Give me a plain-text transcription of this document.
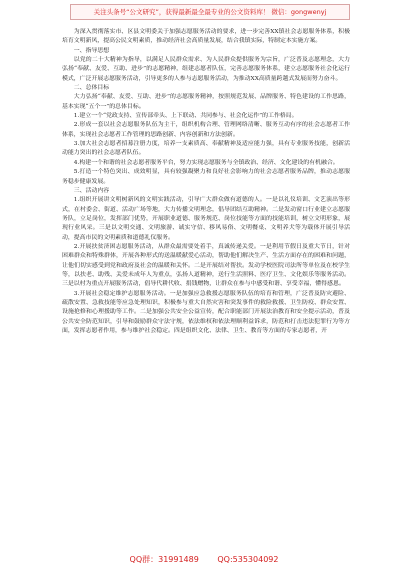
关注头条号“公文研究”，获得最新最全最专业的公文资料库！ 微信：gongwenyj

为深入贯彻落实市、区县文明委关于加强志愿服务活动的要求，进一步完善XX镇社会志愿服务体系，积极培育文明新风，提高公民文明素质，推动经济社会高质量发展，结合我镇实际，特制定本实施方案。

一、指导思想

以党的二十大精神为指导，以满足人民群众需求、为人民群众提供服务为宗旨，广泛普及志愿理念，大力弘扬“奉献、友爱、互助、进步”的志愿精神，组建志愿者队伍，完善志愿服务体系，建立志愿服务社会化运行模式，广泛开展志愿服务活动，引导更多的人参与志愿服务活动，为推动XX高质量跨越式发展而努力奋斗。

二、总体目标

大力弘扬“奉献、友爱、互助、进步”的志愿服务精神，按照规范发展、品牌服务、特色建设的工作思路，基本实现“五个一”的总体目标。

1.建立一个“党政支持、宣传部牵头、上下联动、共同参与、社会化运作”的工作格局。

2.形成一套以社会志愿服务队伍为主干，组织机构合理、管理网络清晰、服务互动有序的社会志愿者工作体系，实现社会志愿者工作管理的思路创新、内容创新和方法创新。

3.加大社会志愿者招募注册力度，培养一支素质高、奉献精神及适应能力强，具有专业服务技能，创新活动能力突出的社会志愿者队伍。

4.构建一个和谐的社会志愿者服务平台，努力实现志愿服务与全镇政治、经济、文化建设的有机融合。

5.打造一个特色突出、成效明显，具有较强凝聚力和良好社会影响力的社会志愿者服务品牌，推动志愿服务稳步健康发展。

三、活动内容

1.组织开展讲文明树新风的文明实践活动，引导广大群众做有道德的人。一是以礼仪培训、文艺演出等形式，在村委会、街道、活动广场等地，大力传播文明理念，倡导团结互助精神。二是发动窗口行业建立志愿服务队，立足岗位，发挥部门优势，开展职业道德、服务规范、岗位技能等方面的技能培训，树立文明形象，展现行业风采。三是以文明交通、文明旅游、诚实守信、移风易俗、文明餐桌、文明养犬等为载体开展引导活动，提高市民的文明素质和道德礼仪服务。

2.开展扶贫济困志愿服务活动，从群众最需要处着手，真诚传递关爱。一是利用节假日及重大节日，针对困难群众和特殊群体，开展各种形式的送温暖献爱心活动，帮助他们解决生产、生活方面存在的困难和问题，让他们切实感受到党和政府及社会的温暖和关怀。二是开展结对帮扶。发动学校医院司法所等单位及在校学生等，以扶老、助残、关爱未成年人为重点，弘扬人道精神，送行生活照料、医疗卫生、文化娱乐等服务活动。三是以村为重点开展服务活动，倡导代耕代收、捐钱赠物，让群众在参与中感受和谐、享受幸福，懂得感恩。

3.开展社会稳定维护志愿服务活动。一是加强应急救援志愿服务队伍的培育和管理，广泛普及防灾避险、疏散安置、急救技能等应急处理知识，积极参与重大自然灾害和突发事件的救险救援、卫生防疫、群众安置、设施抢修和心理援助等工作。二是加强公共安全公益宣传，配合职能部门开展法治教育和安全提示活动，普及公共安全防范知识，引导和鼓励群众守法守规，依法维权和依法理顺利益诉求，防范和打击违法犯罪行为等方面，发挥志愿者作用，参与维护社会稳定。四是组织文化、法律、卫生、教育等方面的专家志愿者，开

QQ群：31991489 QQ:535304092
